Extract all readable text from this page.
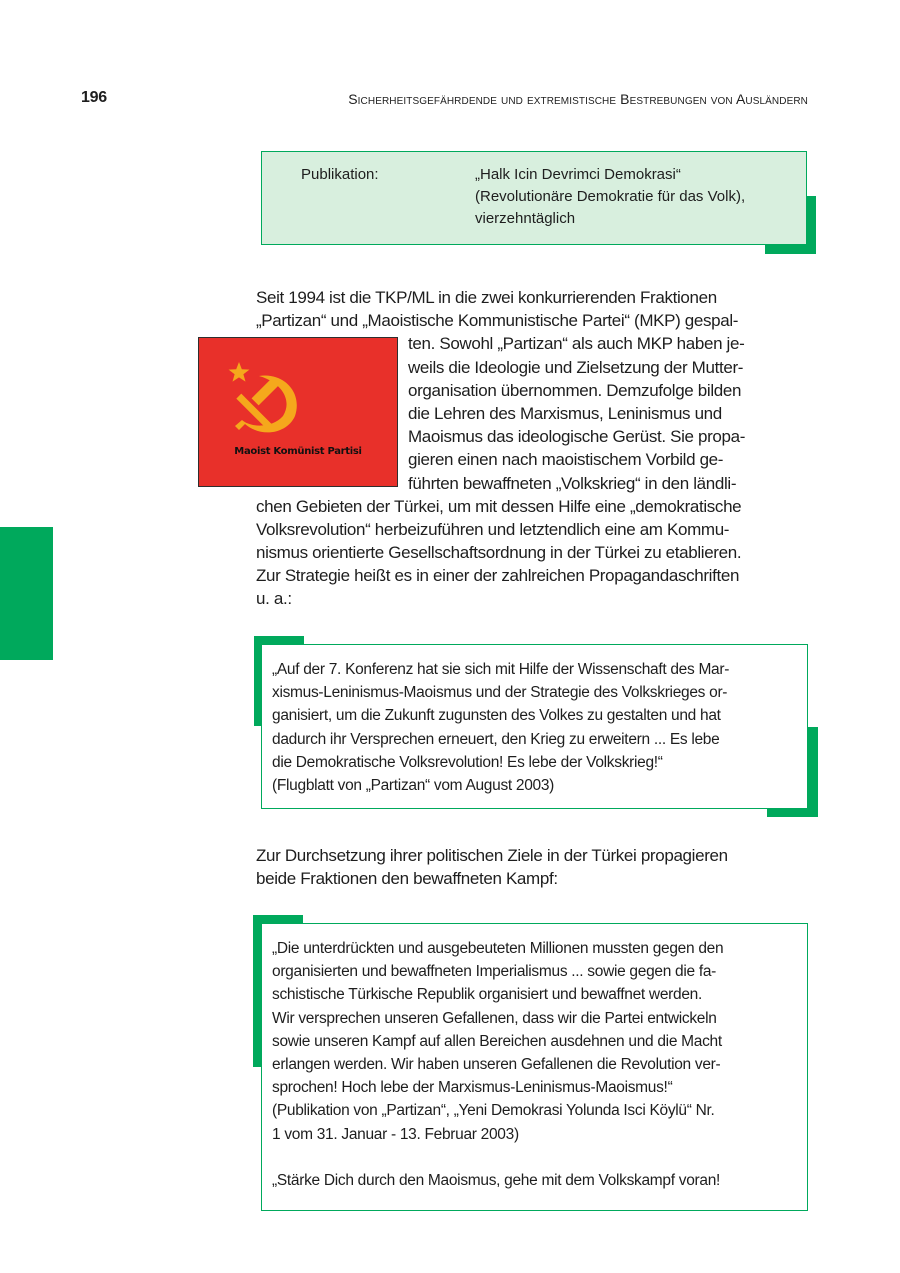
196	Sicherheitsgefährdende und extremistische Bestrebungen von Ausländern
Publikation:	„Halk Icin Devrimci Demokrasi“
(Revolutionäre Demokratie für das Volk),
vierzehntäglich
Seit 1994 ist die TKP/ML in die zwei konkurrierenden Fraktionen
„Partizan“ und „Maoistische Kommunistische Partei“ (MKP) gespal-
ten. Sowohl „Partizan“ als auch MKP haben je-
weils die Ideologie und Zielsetzung der Mutter-
organisation übernommen. Demzufolge bilden
die Lehren des Marxismus, Leninismus und
Maoismus das ideologische Gerüst. Sie propa-
gieren einen nach maoistischem Vorbild ge-
führten bewaffneten „Volkskrieg“ in den ländli-
chen Gebieten der Türkei, um mit dessen Hilfe eine „demokratische
Volksrevolution“ herbeizuführen und letztendlich eine am Kommu-
nismus orientierte Gesellschaftsordnung in der Türkei zu etablieren.
Zur Strategie heißt es in einer der zahlreichen Propagandaschriften
u. a.:
Maoist Komünist Partisi
„Auf der 7. Konferenz hat sie sich mit Hilfe der Wissenschaft des Mar-
xismus-Leninismus-Maoismus und der Strategie des Volkskrieges or-
ganisiert, um die Zukunft zugunsten des Volkes zu gestalten und hat
dadurch ihr Versprechen erneuert, den Krieg zu erweitern ... Es lebe
die Demokratische Volksrevolution! Es lebe der Volkskrieg!“
(Flugblatt von „Partizan“ vom August 2003)
Zur Durchsetzung ihrer politischen Ziele in der Türkei propagieren
beide Fraktionen den bewaffneten Kampf:
„Die unterdrückten und ausgebeuteten Millionen mussten gegen den
organisierten und bewaffneten Imperialismus ... sowie gegen die fa-
schistische Türkische Republik organisiert und bewaffnet werden.
Wir versprechen unseren Gefallenen, dass wir die Partei entwickeln
sowie unseren Kampf auf allen Bereichen ausdehnen und die Macht
erlangen werden. Wir haben unseren Gefallenen die Revolution ver-
sprochen! Hoch lebe der Marxismus-Leninismus-Maoismus!“
(Publikation von „Partizan“, „Yeni Demokrasi Yolunda Isci Köylü“ Nr.
1 vom 31. Januar - 13. Februar 2003)
„Stärke Dich durch den Maoismus, gehe mit dem Volkskampf voran!
